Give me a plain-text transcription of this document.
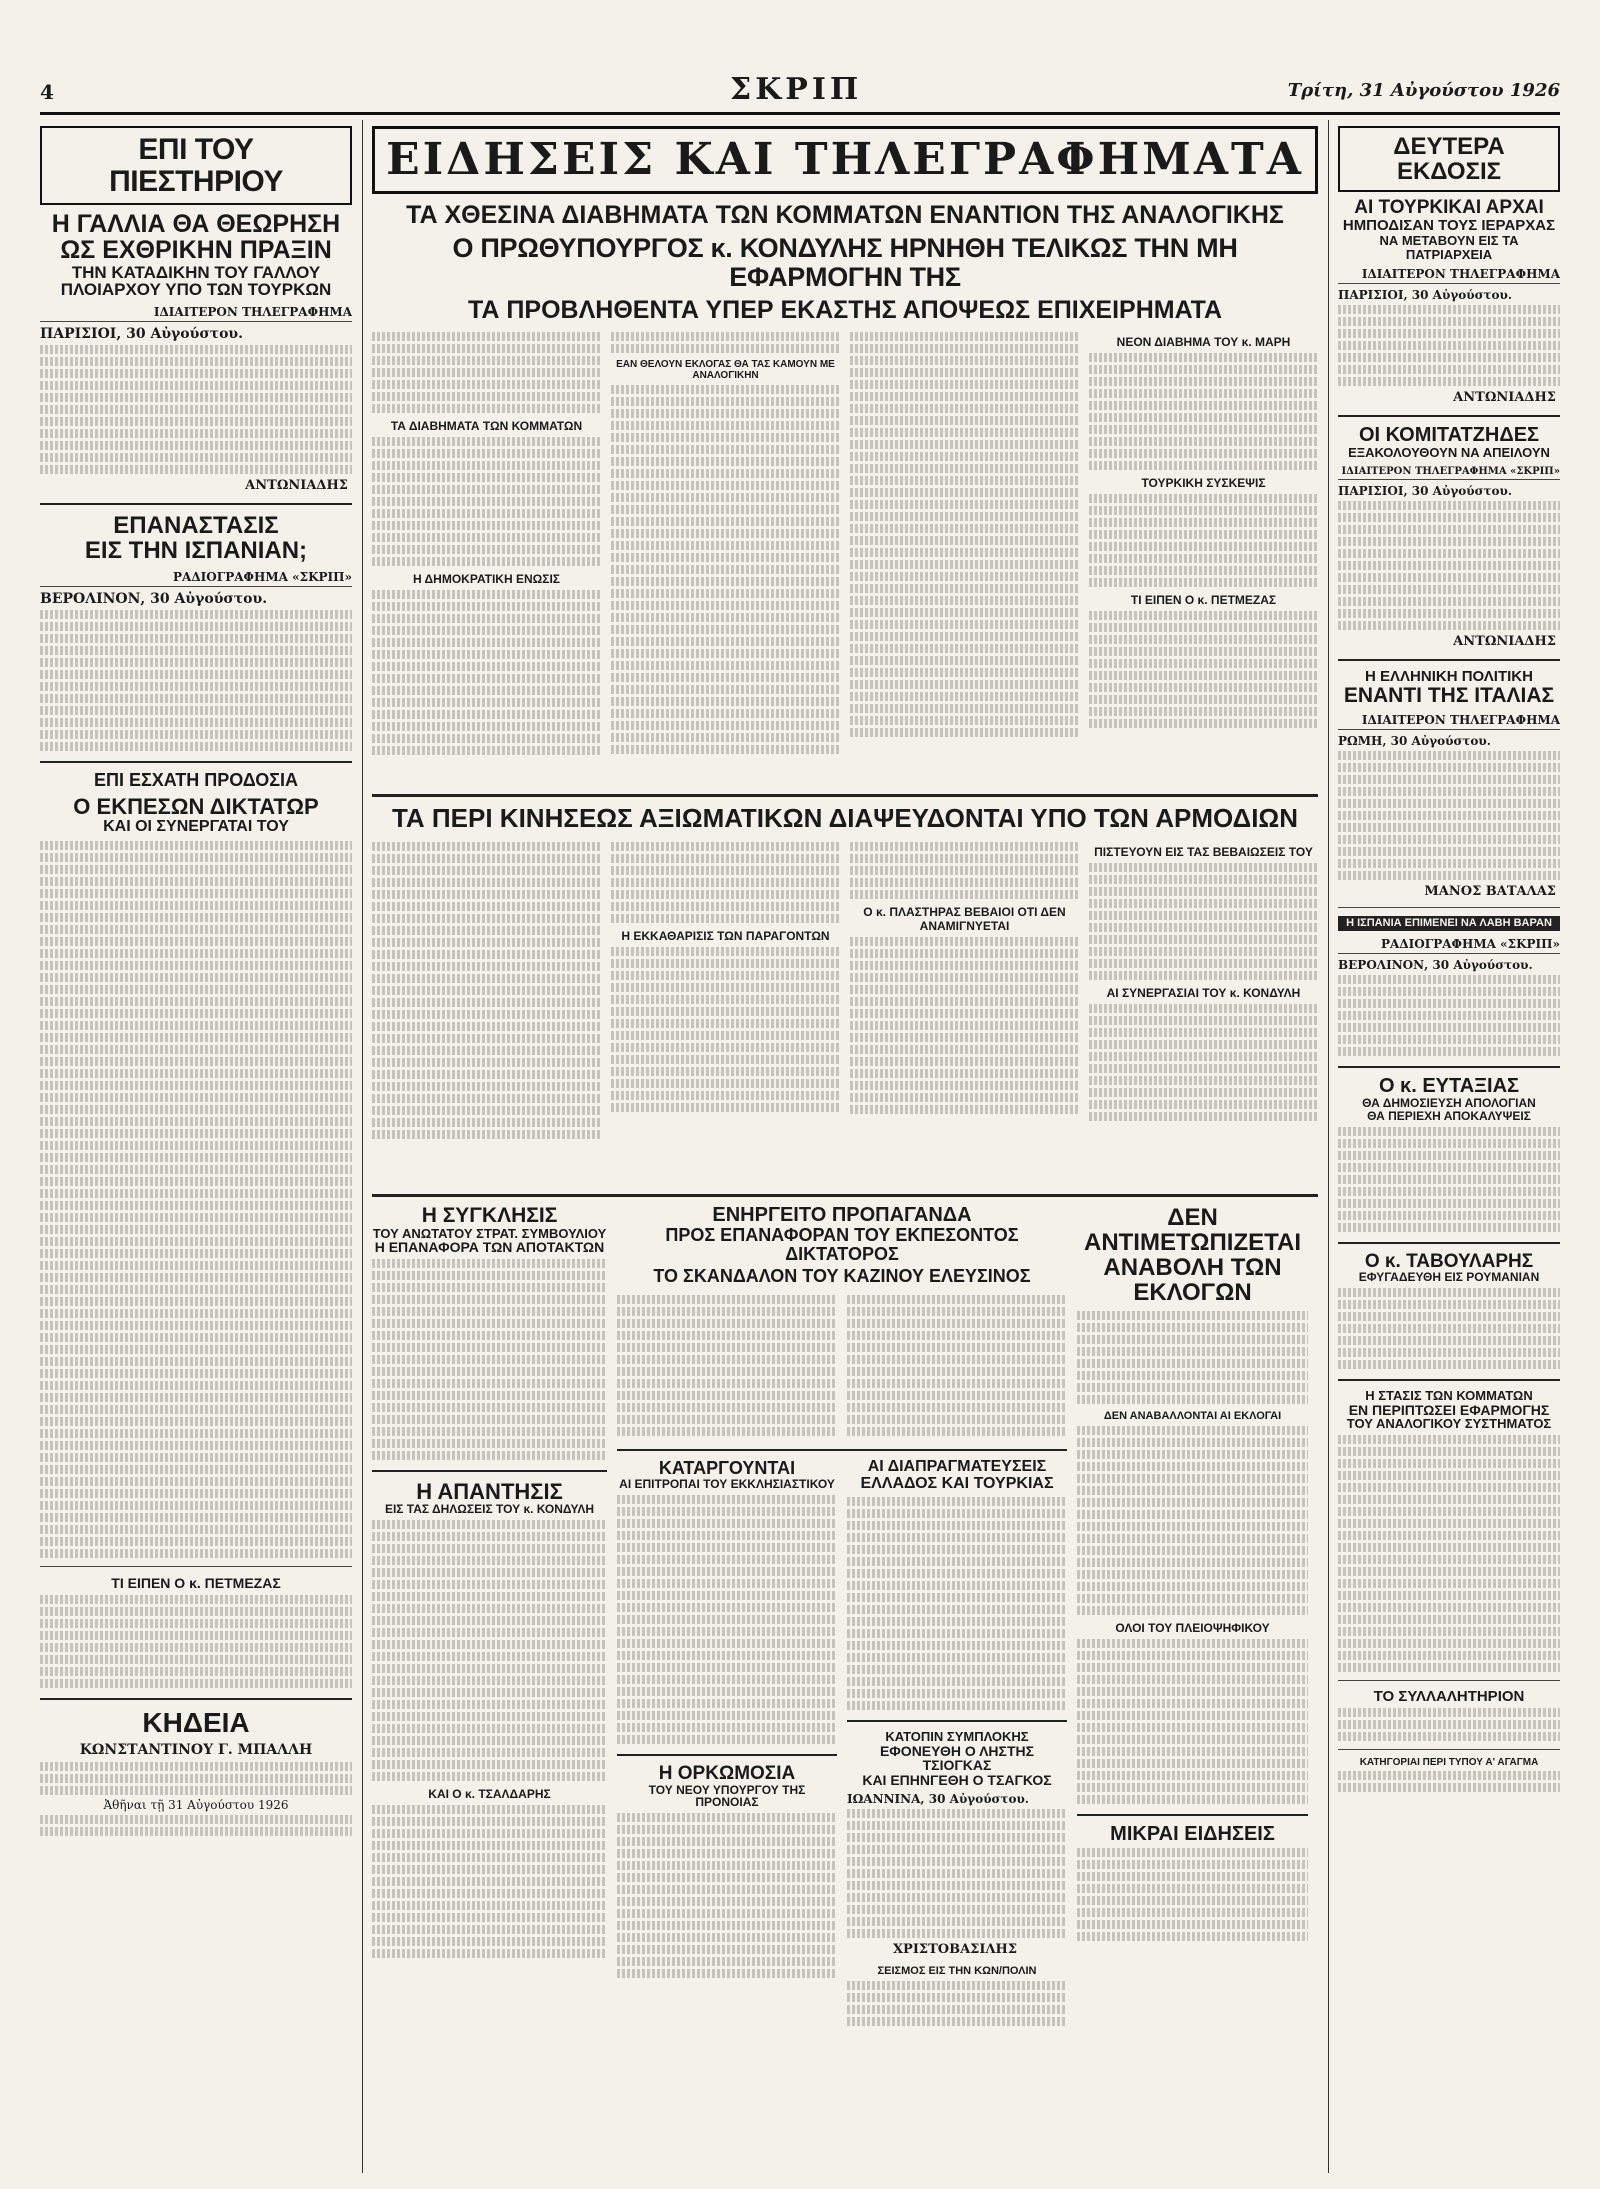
4	ΣΚΡΙΠ	Τρίτη, 31 Αὐγούστου 1926
ΕΠΙ ΤΟΥ ΠΙΕΣΤΗΡΙΟΥ
Η ΓΑΛΛΙΑ ΘΑ ΘΕΩΡΗΣΗ
ΩΣ ΕΧΘΡΙΚΗΝ ΠΡΑΞΙΝ
ΤΗΝ ΚΑΤΑΔΙΚΗΝ ΤΟΥ ΓΑΛΛΟΥ
ΠΛΟΙΑΡΧΟΥ ΥΠΟ ΤΩΝ ΤΟΥΡΚΩΝ
ΙΔΙΑΙΤΕΡΟΝ ΤΗΛΕΓΡΑΦΗΜΑ
ΠΑΡΙΣΙΟΙ, 30 Αὐγούστου.
ΑΝΤΩΝΙΑΔΗΣ
ΕΠΑΝΑΣΤΑΣΙΣ
ΕΙΣ ΤΗΝ ΙΣΠΑΝΙΑΝ;
ΡΑΔΙΟΓΡΑΦΗΜΑ «ΣΚΡΙΠ»
ΒΕΡΟΛΙΝΟΝ, 30 Αὐγούστου.
ΕΠΙ ΕΣΧΑΤΗ ΠΡΟΔΟΣΙΑ
Ο ΕΚΠΕΣΩΝ ΔΙΚΤΑΤΩΡ
ΚΑΙ ΟΙ ΣΥΝΕΡΓΑΤΑΙ ΤΟΥ
ΤΙ ΕΙΠΕΝ Ο κ. ΠΕΤΜΕΖΑΣ
ΚΗΔΕΙΑ
ΚΩΝΣΤΑΝΤΙΝΟΥ Γ. ΜΠΑΛΛΗ
Ἀθῆναι τῇ 31 Αὐγούστου 1926
ΕΙΔΗΣΕΙΣ ΚΑΙ ΤΗΛΕΓΡΑΦΗΜΑΤΑ
ΤΑ ΧΘΕΣΙΝΑ ΔΙΑΒΗΜΑΤΑ ΤΩΝ ΚΟΜΜΑΤΩΝ ΕΝΑΝΤΙΟΝ ΤΗΣ ΑΝΑΛΟΓΙΚΗΣ
Ο ΠΡΩΘΥΠΟΥΡΓΟΣ κ. ΚΟΝΔΥΛΗΣ ΗΡΝΗΘΗ ΤΕΛΙΚΩΣ ΤΗΝ ΜΗ ΕΦΑΡΜΟΓΗΝ ΤΗΣ
ΤΑ ΠΡΟΒΛΗΘΕΝΤΑ ΥΠΕΡ ΕΚΑΣΤΗΣ ΑΠΟΨΕΩΣ ΕΠΙΧΕΙΡΗΜΑΤΑ
ΤΑ ΔΙΑΒΗΜΑΤΑ ΤΩΝ ΚΟΜΜΑΤΩΝ
Η ΔΗΜΟΚΡΑΤΙΚΗ ΕΝΩΣΙΣ
ΕΑΝ ΘΕΛΟΥΝ ΕΚΛΟΓΑΣ ΘΑ ΤΑΣ ΚΑΜΟΥΝ ΜΕ ΑΝΑΛΟΓΙΚΗΝ
ΝΕΟΝ ΔΙΑΒΗΜΑ ΤΟΥ κ. ΜΑΡΗ
ΤΟΥΡΚΙΚΗ ΣΥΣΚΕΨΙΣ
ΤΙ ΕΙΠΕΝ Ο κ. ΠΕΤΜΕΖΑΣ
ΤΑ ΠΕΡΙ ΚΙΝΗΣΕΩΣ ΑΞΙΩΜΑΤΙΚΩΝ ΔΙΑΨΕΥΔΟΝΤΑΙ ΥΠΟ ΤΩΝ ΑΡΜΟΔΙΩΝ
Η ΕΚΚΑΘΑΡΙΣΙΣ ΤΩΝ ΠΑΡΑΓΟΝΤΩΝ
Ο κ. ΠΛΑΣΤΗΡΑΣ ΒΕΒΑΙΟΙ ΟΤΙ ΔΕΝ ΑΝΑΜΙΓΝΥΕΤΑΙ
ΠΙΣΤΕΥΟΥΝ ΕΙΣ ΤΑΣ ΒΕΒΑΙΩΣΕΙΣ ΤΟΥ
ΑΙ ΣΥΝΕΡΓΑΣΙΑΙ ΤΟΥ κ. ΚΟΝΔΥΛΗ
Η ΣΥΓΚΛΗΣΙΣ
ΤΟΥ ΑΝΩΤΑΤΟΥ ΣΤΡΑΤ. ΣΥΜΒΟΥΛΙΟΥ
Η ΕΠΑΝΑΦΟΡΑ ΤΩΝ ΑΠΟΤΑΚΤΩΝ
Η ΑΠΑΝΤΗΣΙΣ
ΕΙΣ ΤΑΣ ΔΗΛΩΣΕΙΣ ΤΟΥ κ. ΚΟΝΔΥΛΗ
ΚΑΙ Ο κ. ΤΣΑΛΔΑΡΗΣ
ΕΝΗΡΓΕΙΤΟ ΠΡΟΠΑΓΑΝΔΑ
ΠΡΟΣ ΕΠΑΝΑΦΟΡΑΝ ΤΟΥ ΕΚΠΕΣΟΝΤΟΣ ΔΙΚΤΑΤΟΡΟΣ
ΤΟ ΣΚΑΝΔΑΛΟΝ ΤΟΥ ΚΑΖΙΝΟΥ ΕΛΕΥΣΙΝΟΣ
ΚΑΤΑΡΓΟΥΝΤΑΙ
ΑΙ ΕΠΙΤΡΟΠΑΙ ΤΟΥ ΕΚΚΛΗΣΙΑΣΤΙΚΟΥ
Η ΟΡΚΩΜΟΣΙΑ
ΤΟΥ ΝΕΟΥ ΥΠΟΥΡΓΟΥ ΤΗΣ ΠΡΟΝΟΙΑΣ
ΑΙ ΔΙΑΠΡΑΓΜΑΤΕΥΣΕΙΣ
ΕΛΛΑΔΟΣ ΚΑΙ ΤΟΥΡΚΙΑΣ
ΚΑΤΟΠΙΝ ΣΥΜΠΛΟΚΗΣ
ΕΦΟΝΕΥΘΗ Ο ΛΗΣΤΗΣ ΤΣΙΟΓΚΑΣ
ΚΑΙ ΕΠΗΝΓΕΘΗ Ο ΤΣΑΓΚΟΣ
ΙΩΑΝΝΙΝΑ, 30 Αὐγούστου.
ΧΡΙΣΤΟΒΑΣΙΛΗΣ
ΣΕΙΣΜΟΣ ΕΙΣ ΤΗΝ ΚΩΝ/ΠΟΛΙΝ
ΔΕΝ ΑΝΤΙΜΕΤΩΠΙΖΕΤΑΙ
ΑΝΑΒΟΛΗ ΤΩΝ ΕΚΛΟΓΩΝ
ΔΕΝ ΑΝΑΒΑΛΛΟΝΤΑΙ ΑΙ ΕΚΛΟΓΑΙ
ΟΛΟΙ ΤΟΥ ΠΛΕΙΟΨΗΦΙΚΟΥ
ΜΙΚΡΑΙ ΕΙΔΗΣΕΙΣ
ΔΕΥΤΕΡΑ ΕΚΔΟΣΙΣ
ΑΙ ΤΟΥΡΚΙΚΑΙ ΑΡΧΑΙ
ΗΜΠΟΔΙΣΑΝ ΤΟΥΣ ΙΕΡΑΡΧΑΣ
ΝΑ ΜΕΤΑΒΟΥΝ ΕΙΣ ΤΑ ΠΑΤΡΙΑΡΧΕΙΑ
ΙΔΙΑΙΤΕΡΟΝ ΤΗΛΕΓΡΑΦΗΜΑ
ΠΑΡΙΣΙΟΙ, 30 Αὐγούστου.
ΑΝΤΩΝΙΑΔΗΣ
ΟΙ ΚΟΜΙΤΑΤΖΗΔΕΣ
ΕΞΑΚΟΛΟΥΘΟΥΝ ΝΑ ΑΠΕΙΛΟΥΝ
ΙΔΙΑΙΤΕΡΟΝ ΤΗΛΕΓΡΑΦΗΜΑ «ΣΚΡΙΠ»
ΠΑΡΙΣΙΟΙ, 30 Αὐγούστου.
ΑΝΤΩΝΙΑΔΗΣ
Η ΕΛΛΗΝΙΚΗ ΠΟΛΙΤΙΚΗ
ΕΝΑΝΤΙ ΤΗΣ ΙΤΑΛΙΑΣ
ΙΔΙΑΙΤΕΡΟΝ ΤΗΛΕΓΡΑΦΗΜΑ
ΡΩΜΗ, 30 Αὐγούστου.
ΜΑΝΟΣ ΒΑΤΑΛΑΣ
Η ΙΣΠΑΝΙΑ ΕΠΙΜΕΝΕΙ ΝΑ ΛΑΒΗ ΒΑΡΑΝ
ΡΑΔΙΟΓΡΑΦΗΜΑ «ΣΚΡΙΠ»
ΒΕΡΟΛΙΝΟΝ, 30 Αὐγούστου.
Ο κ. ΕΥΤΑΞΙΑΣ
ΘΑ ΔΗΜΟΣΙΕΥΣΗ ΑΠΟΛΟΓΙΑΝ
ΘΑ ΠΕΡΙΕΧΗ ΑΠΟΚΑΛΥΨΕΙΣ
Ο κ. ΤΑΒΟΥΛΑΡΗΣ
ΕΦΥΓΑΔΕΥΘΗ ΕΙΣ ΡΟΥΜΑΝΙΑΝ
Η ΣΤΑΣΙΣ ΤΩΝ ΚΟΜΜΑΤΩΝ
ΕΝ ΠΕΡΙΠΤΩΣΕΙ ΕΦΑΡΜΟΓΗΣ
ΤΟΥ ΑΝΑΛΟΓΙΚΟΥ ΣΥΣΤΗΜΑΤΟΣ
ΤΟ ΣΥΛΛΑΛΗΤΗΡΙΟΝ
ΚΑΤΗΓΟΡΙΑΙ ΠΕΡΙ ΤΥΠΟΥ Α' ΑΓΑΓΜΑ
